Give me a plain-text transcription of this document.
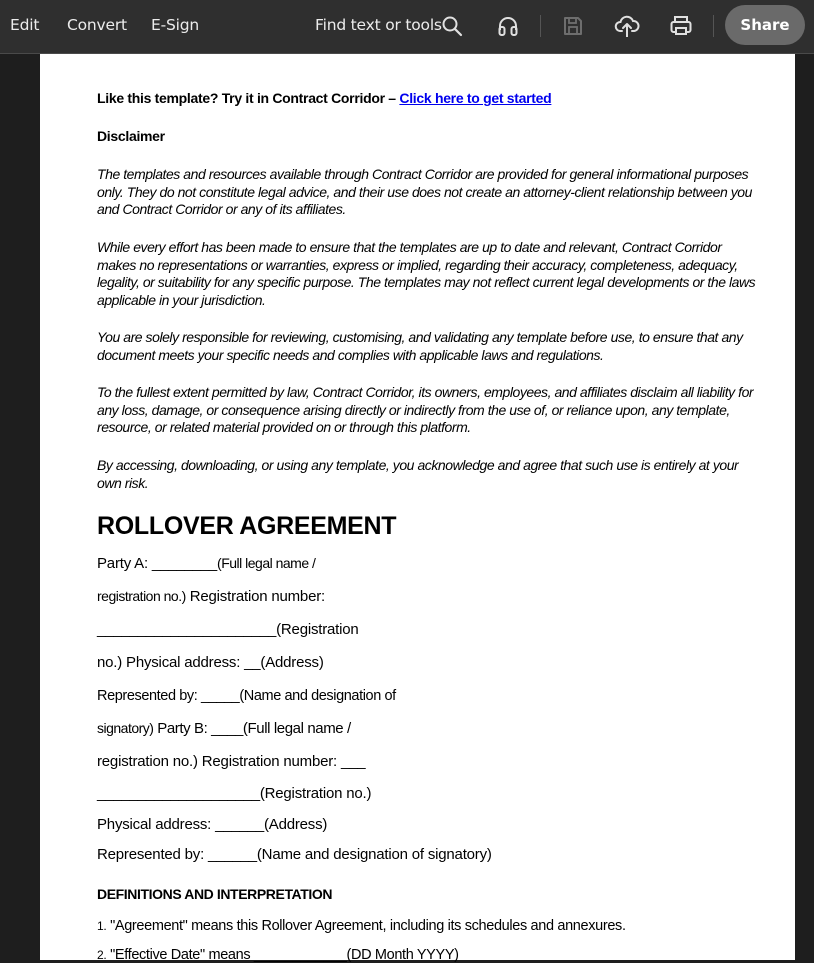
Edit Convert E-Sign	Find text or tools	Share
Like this template? Try it in Contract Corridor – Click here to get started
Disclaimer
The templates and resources available through Contract Corridor are provided for general informational purposes only. They do not constitute legal advice, and their use does not create an attorney-client relationship between you and Contract Corridor or any of its affiliates.
While every effort has been made to ensure that the templates are up to date and relevant, Contract Corridor makes no representations or warranties, express or implied, regarding their accuracy, completeness, adequacy, legality, or suitability for any specific purpose. The templates may not reflect current legal developments or the laws applicable in your jurisdiction.
You are solely responsible for reviewing, customising, and validating any template before use, to ensure that any document meets your specific needs and complies with applicable laws and regulations.
To the fullest extent permitted by law, Contract Corridor, its owners, employees, and affiliates disclaim all liability for any loss, damage, or consequence arising directly or indirectly from the use of, or reliance upon, any template, resource, or related material provided on or through this platform.
By accessing, downloading, or using any template, you acknowledge and agree that such use is entirely at your own risk.
ROLLOVER AGREEMENT
Party A: ________(Full legal name /
registration no.) Registration number:
______________________(Registration
no.) Physical address: __(Address)
Represented by: _____(Name and designation of
signatory) Party B: ____(Full legal name /
registration no.) Registration number: ___
____________________(Registration no.)
Physical address: ______(Address)
Represented by: ______(Name and designation of signatory)
DEFINITIONS AND INTERPRETATION
1. "Agreement" means this Rollover Agreement, including its schedules and annexures.
2. "Effective Date" means ____________(DD Month YYYY)
